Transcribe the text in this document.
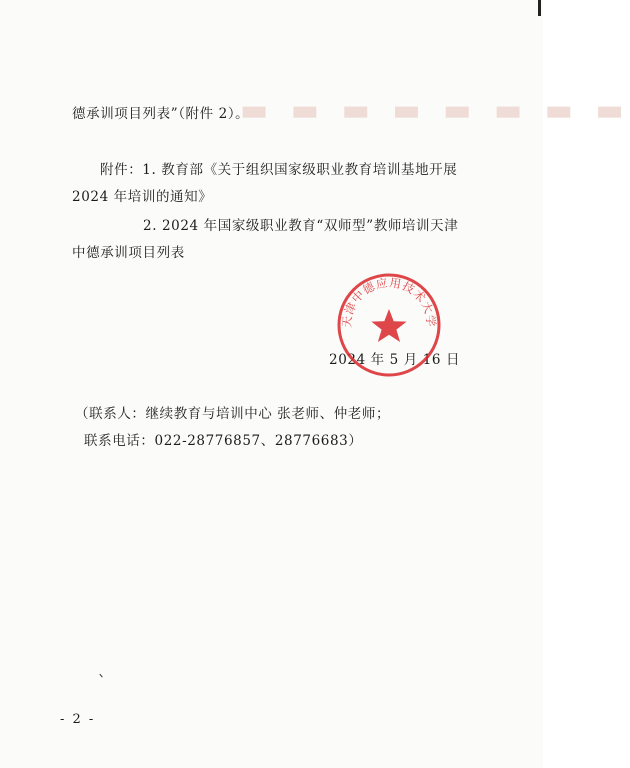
▬ ▬ ▬ ▬ ▬ ▬ ▬ ▬
德承训项目列表”（附件 2）。
附件：1. 教育部《关于组织国家级职业教育培训基地开展
2024 年培训的通知》
2. 2024 年国家级职业教育“双师型”教师培训天津
中德承训项目列表
2024 年 5 月 16 日
（联系人：继续教育与培训中心 张老师、仲老师；
联系电话：022-28776857、28776683）
天津中德应用技术大学
- 2 -
